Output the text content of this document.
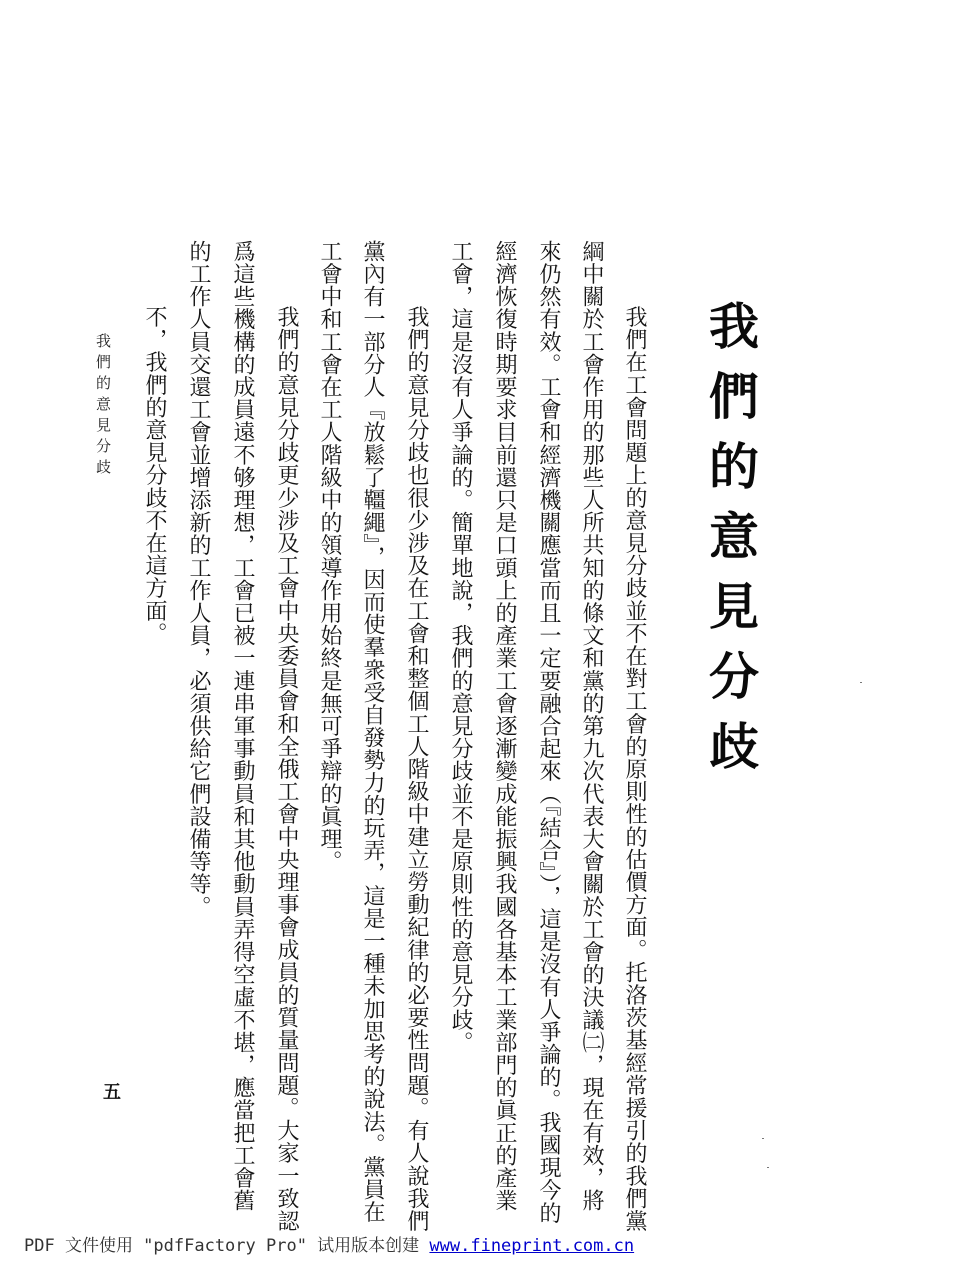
我們的意見分歧
　我們在工會問題上的意見分歧並不在對工會的原則性的估價方面。托洛茨基經常援引的我們黨
綱中關於工會作用的那些人所共知的條文和黨的第九次代表大會關於工會的決議㈡，現在有效，將
來仍然有效。工會和經濟機關應當而且一定要融合起來（『結合』），這是沒有人爭論的。我國現今的
經濟恢復時期要求目前還只是口頭上的產業工會逐漸變成能振興我國各基本工業部門的眞正的產業
工會，這是沒有人爭論的。簡單地說，我們的意見分歧並不是原則性的意見分歧。
　我們的意見分歧也很少涉及在工會和整個工人階級中建立勞動紀律的必要性問題。有人說我們
黨內有一部分人『放鬆了韁繩』，因而使羣衆受自發勢力的玩弄，這是一種未加思考的說法。黨員在
工會中和工會在工人階級中的領導作用始終是無可爭辯的眞理。
　我們的意見分歧更少涉及工會中央委員會和全俄工會中央理事會成員的質量問題。大家一致認
爲這些機構的成員遠不够理想，工會已被一連串軍事動員和其他動員弄得空虛不堪，應當把工會舊
的工作人員交還工會並增添新的工作人員，必須供給它們設備等等。
　不，我們的意見分歧不在這方面。
我們的意見分歧
五
PDF 文件使用 "pdfFactory Pro" 试用版本创建 www.fineprint.com.cn
